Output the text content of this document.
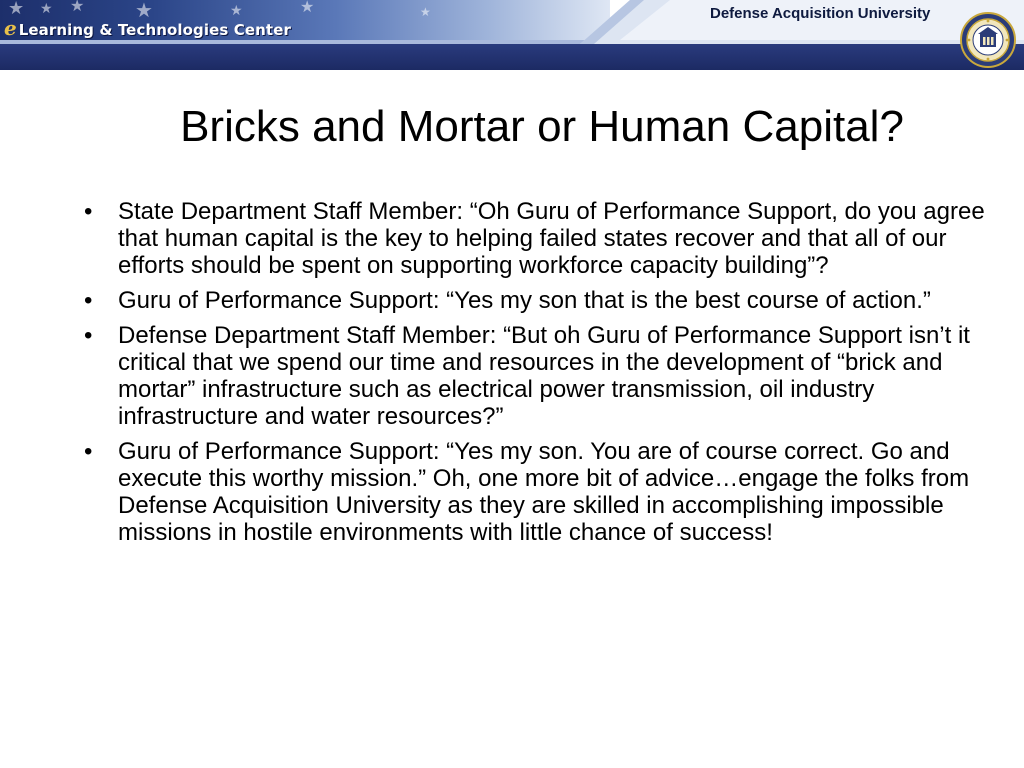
★ ★ ★	★	★	★	★
e Learning & Technologies Center
Defense Acquisition University
Bricks and Mortar or Human Capital?
• State Department Staff Member: “Oh Guru of Performance Support, do you agree that human capital is the key to helping failed states recover and that all of our efforts should be spent on supporting workforce capacity building”?
• Guru of Performance Support: “Yes my son that is the best course of action.”
• Defense Department Staff Member: “But oh Guru of Performance Support isn’t it critical that we spend our time and resources in the development of “brick and mortar” infrastructure such as electrical power transmission, oil industry infrastructure and water resources?”
• Guru of Performance Support: “Yes my son. You are of course correct. Go and execute this worthy mission.” Oh, one more bit of advice…engage the folks from Defense Acquisition University as they are skilled in accomplishing impossible missions in hostile environments with little chance of success!
